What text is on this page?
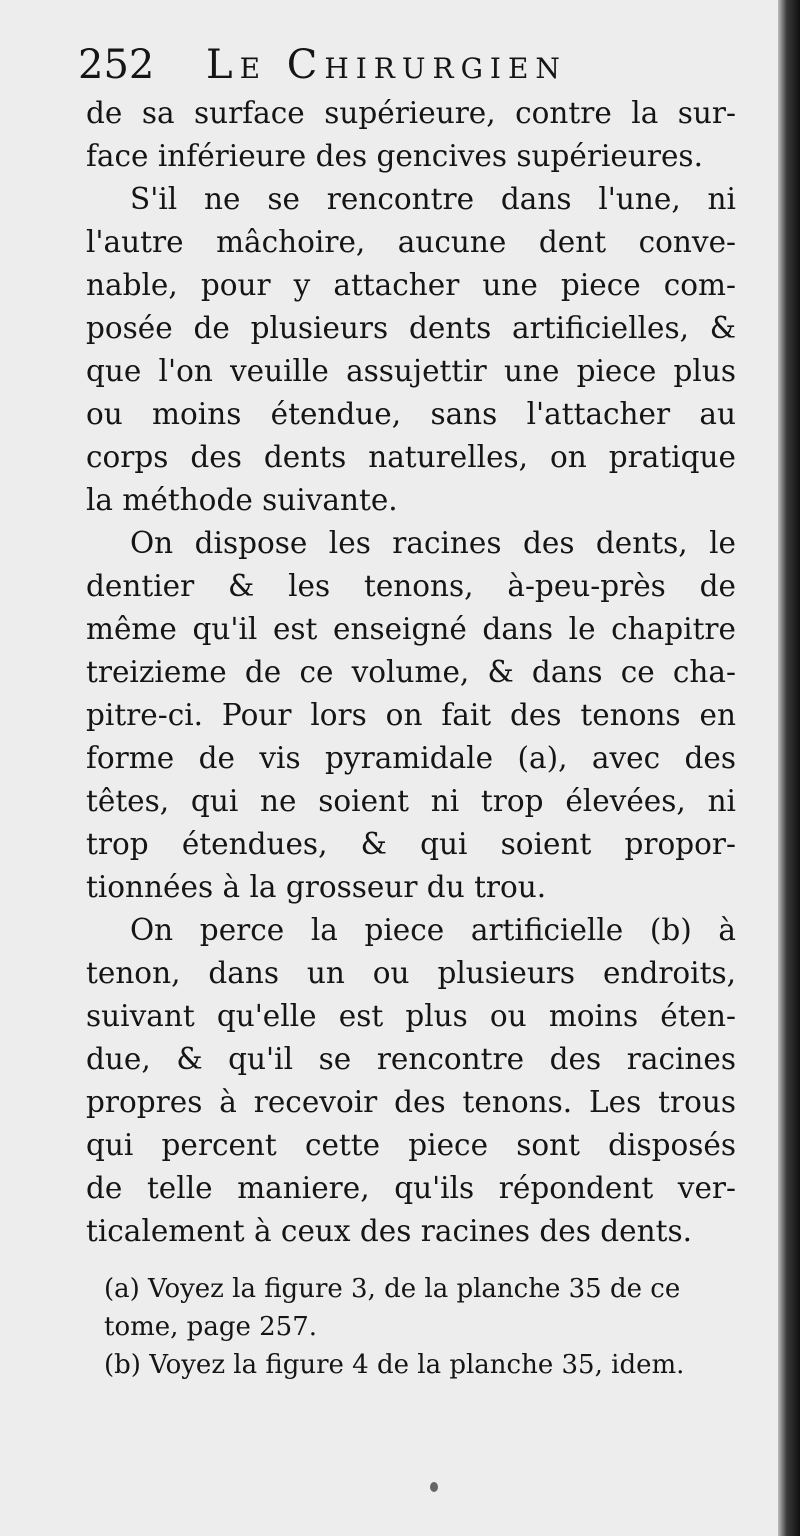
252 Le Chirurgien
de sa surface supérieure, contre la sur-
face inférieure des gencives supérieures.
S'il ne se rencontre dans l'une, ni
l'autre mâchoire, aucune dent conve-
nable, pour y attacher une piece com-
posée de plusieurs dents artificielles, &
que l'on veuille assujettir une piece plus
ou moins étendue, sans l'attacher au
corps des dents naturelles, on pratique
la méthode suivante.
On dispose les racines des dents, le
dentier & les tenons, à-peu-près de
même qu'il est enseigné dans le chapitre
treizieme de ce volume, & dans ce cha-
pitre-ci. Pour lors on fait des tenons en
forme de vis pyramidale (a), avec des
têtes, qui ne soient ni trop élevées, ni
trop étendues, & qui soient propor-
tionnées à la grosseur du trou.
On perce la piece artificielle (b) à
tenon, dans un ou plusieurs endroits,
suivant qu'elle est plus ou moins éten-
due, & qu'il se rencontre des racines
propres à recevoir des tenons. Les trous
qui percent cette piece sont disposés
de telle maniere, qu'ils répondent ver-
ticalement à ceux des racines des dents.
(a) Voyez la figure 3, de la planche 35 de ce
tome, page 257.
(b) Voyez la figure 4 de la planche 35, idem.
